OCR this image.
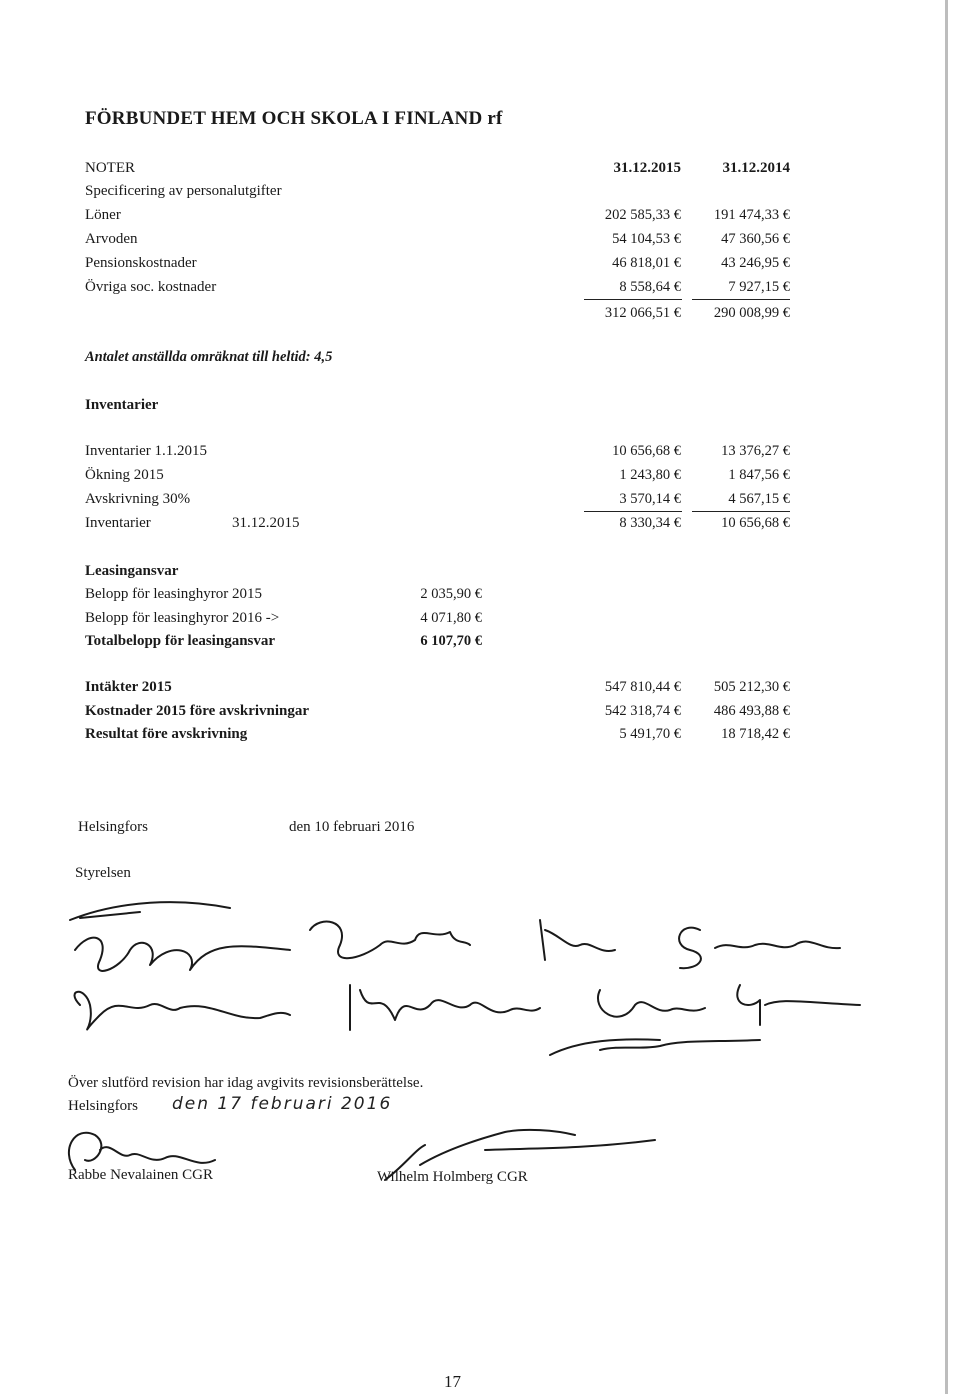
FÖRBUNDET HEM OCH SKOLA I FINLAND rf
NOTER	31.12.2015	31.12.2014
Specificering av personalutgifter
Löner	202 585,33 € 191 474,33 €
Arvoden	54 104,53 €	47 360,56 €
Pensionskostnader	46 818,01 €	43 246,95 €
Övriga soc. kostnader	8 558,64 €	7 927,15 €
312 066,51 € 290 008,99 €
Antalet anställda omräknat till heltid: 4,5
Inventarier
Inventarier 1.1.2015	10 656,68 €	13 376,27 €
Ökning 2015	1 243,80 €	1 847,56 €
Avskrivning 30%	3 570,14 €	4 567,15 €
Inventarier	31.12.2015	8 330,34 €	10 656,68 €
Leasingansvar
Belopp för leasinghyror 2015	2 035,90 €
Belopp för leasinghyror 2016 ->	4 071,80 €
Totalbelopp för leasingansvar	6 107,70 €
Intäkter 2015	547 810,44 € 505 212,30 €
Kostnader 2015 före avskrivningar	542 318,74 € 486 493,88 €
Resultat före avskrivning	5 491,70 €	18 718,42 €
Helsingfors	den 10 februari 2016
Styrelsen
Över slutförd revision har idag avgivits revisionsberättelse.
Helsingfors den 17 februari 2016
Rabbe Nevalainen CGR	Wilhelm Holmberg CGR
17
